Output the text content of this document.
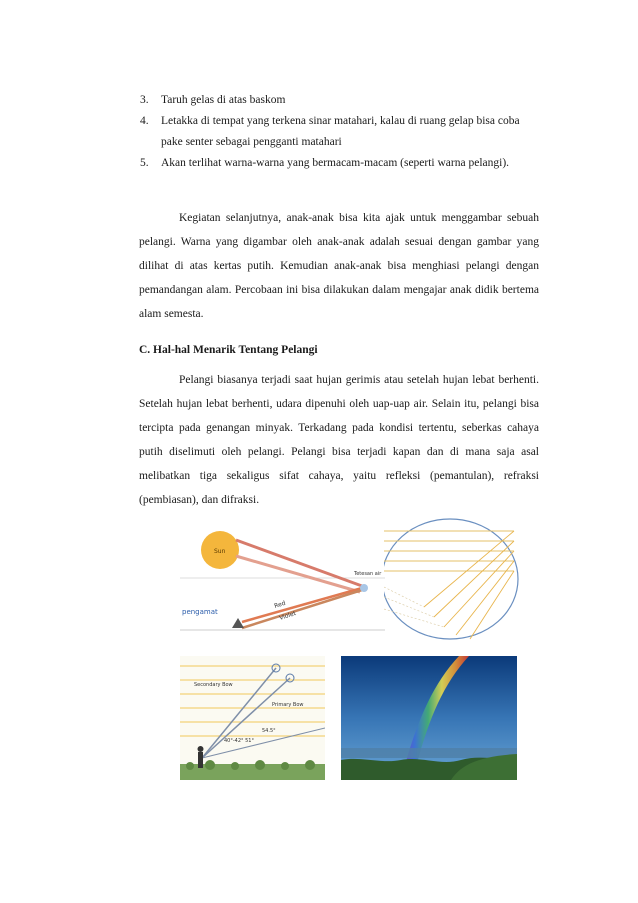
3. Taruh gelas di atas baskom
4. Letakka di tempat yang terkena sinar matahari, kalau di ruang gelap bisa coba pake senter sebagai pengganti matahari
5. Akan terlihat warna-warna yang bermacam-macam (seperti warna pelangi).

Kegiatan selanjutnya, anak-anak bisa kita ajak untuk menggambar sebuah pelangi. Warna yang digambar oleh anak-anak adalah sesuai dengan gambar yang dilihat di atas kertas putih. Kemudian anak-anak bisa menghiasi pelangi dengan pemandangan alam. Percobaan ini bisa dilakukan dalam mengajar anak didik bertema alam semesta.

C. Hal-hal Menarik Tentang Pelangi

Pelangi biasanya terjadi saat hujan gerimis atau setelah hujan lebat berhenti. Setelah hujan lebat berhenti, udara dipenuhi oleh uap-uap air. Selain itu, pelangi bisa tercipta pada genangan minyak. Terkadang pada kondisi tertentu, seberkas cahaya putih diselimuti oleh pelangi. Pelangi bisa terjadi kapan dan di mana saja asal melibatkan tiga sekaligus sifat cahaya, yaitu refleksi (pemantulan), refraksi (pembiasan), dan difraksi.

Sun
Tetesan air
Red
Violet
pengamat
Secondary Bow
Primary Bow
40°-42° 51°
54.5°
